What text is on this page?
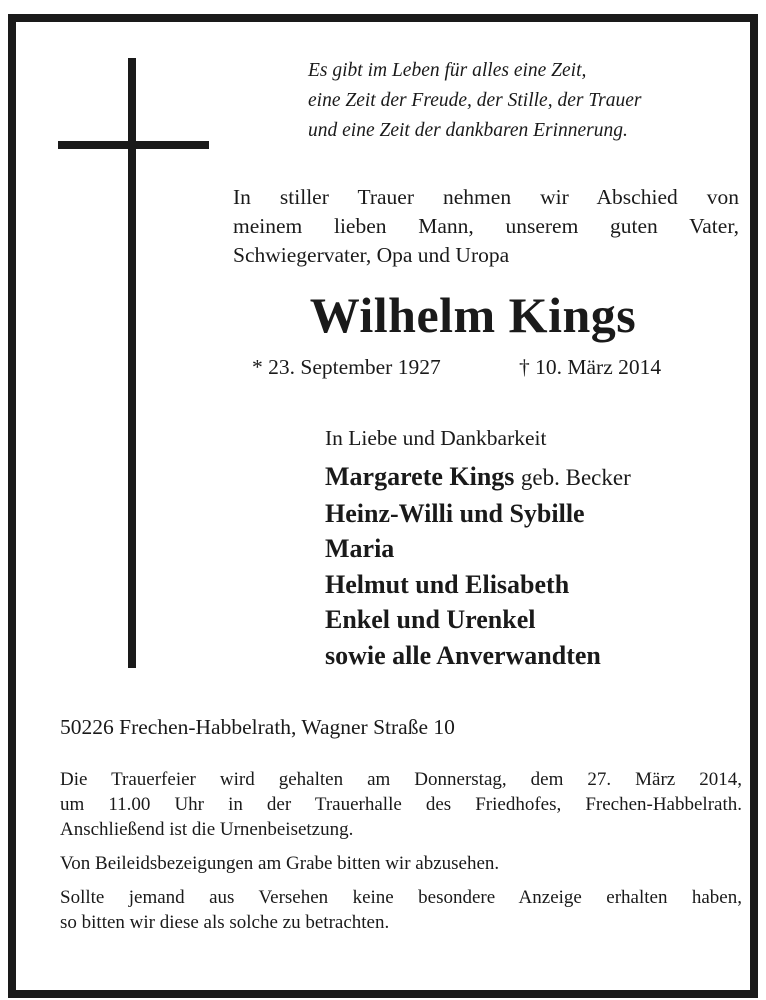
Es gibt im Leben für alles eine Zeit,
eine Zeit der Freude, der Stille, der Trauer
und eine Zeit der dankbaren Erinnerung.
In stiller Trauer nehmen wir Abschied von
meinem lieben Mann, unserem guten Vater,
Schwiegervater, Opa und Uropa
Wilhelm Kings
* 23. September 1927	† 10. März 2014
In Liebe und Dankbarkeit
Margarete Kings geb. Becker
Heinz-Willi und Sybille
Maria
Helmut und Elisabeth
Enkel und Urenkel
sowie alle Anverwandten
50226 Frechen-Habbelrath, Wagner Straße 10
Die Trauerfeier wird gehalten am Donnerstag, dem 27. März 2014,
um 11.00 Uhr in der Trauerhalle des Friedhofes, Frechen-Habbelrath.
Anschließend ist die Urnenbeisetzung.
Von Beileidsbezeigungen am Grabe bitten wir abzusehen.
Sollte jemand aus Versehen keine besondere Anzeige erhalten haben,
so bitten wir diese als solche zu betrachten.
